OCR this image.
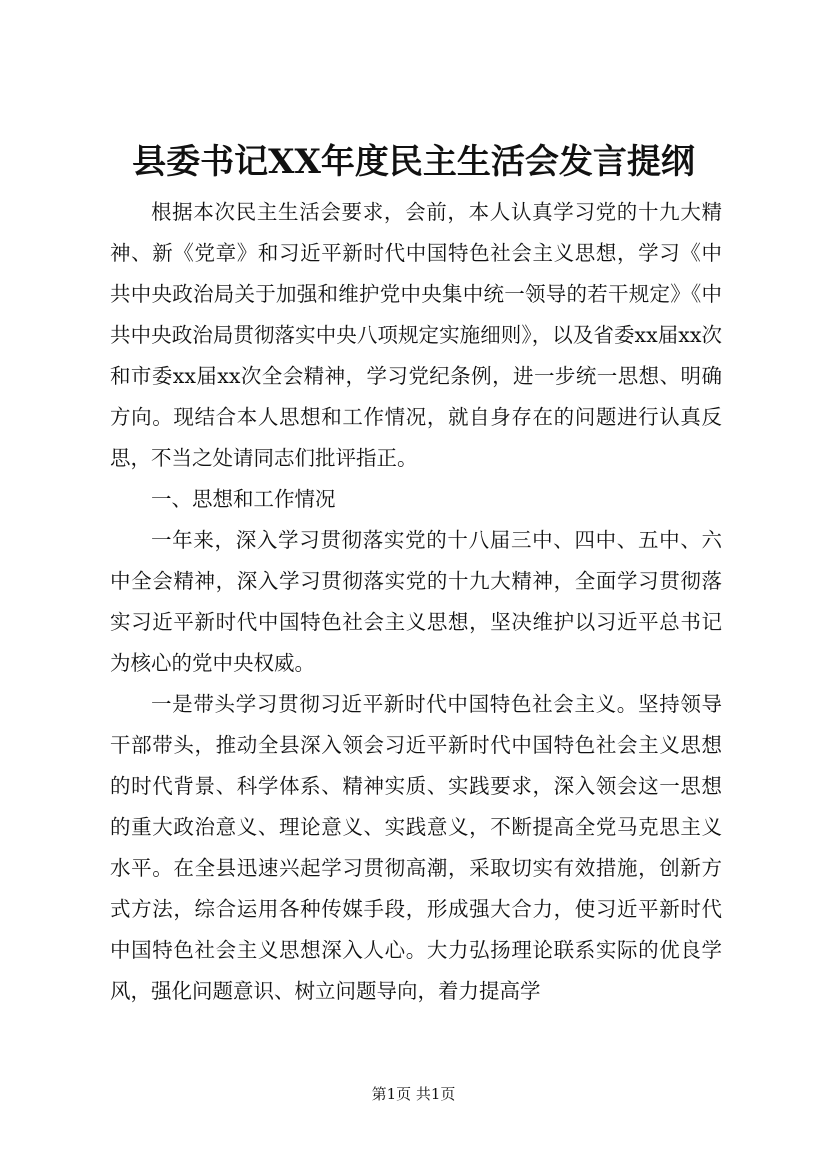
县委书记XX年度民主生活会发言提纲

根据本次民主生活会要求，会前，本人认真学习党的十九大精神、新《党章》和习近平新时代中国特色社会主义思想，学习《中共中央政治局关于加强和维护党中央集中统一领导的若干规定》《中共中央政治局贯彻落实中央八项规定实施细则》，以及省委xx届xx次和市委xx届xx次全会精神，学习党纪条例，进一步统一思想、明确方向。现结合本人思想和工作情况，就自身存在的问题进行认真反思，不当之处请同志们批评指正。

一、思想和工作情况

一年来，深入学习贯彻落实党的十八届三中、四中、五中、六中全会精神，深入学习贯彻落实党的十九大精神，全面学习贯彻落实习近平新时代中国特色社会主义思想，坚决维护以习近平总书记为核心的党中央权威。

一是带头学习贯彻习近平新时代中国特色社会主义。坚持领导干部带头，推动全县深入领会习近平新时代中国特色社会主义思想的时代背景、科学体系、精神实质、实践要求，深入领会这一思想的重大政治意义、理论意义、实践意义，不断提高全党马克思主义水平。在全县迅速兴起学习贯彻高潮，采取切实有效措施，创新方式方法，综合运用各种传媒手段，形成强大合力，使习近平新时代中国特色社会主义思想深入人心。大力弘扬理论联系实际的优良学风，强化问题意识、树立问题导向，着力提高学

第1页 共1页
